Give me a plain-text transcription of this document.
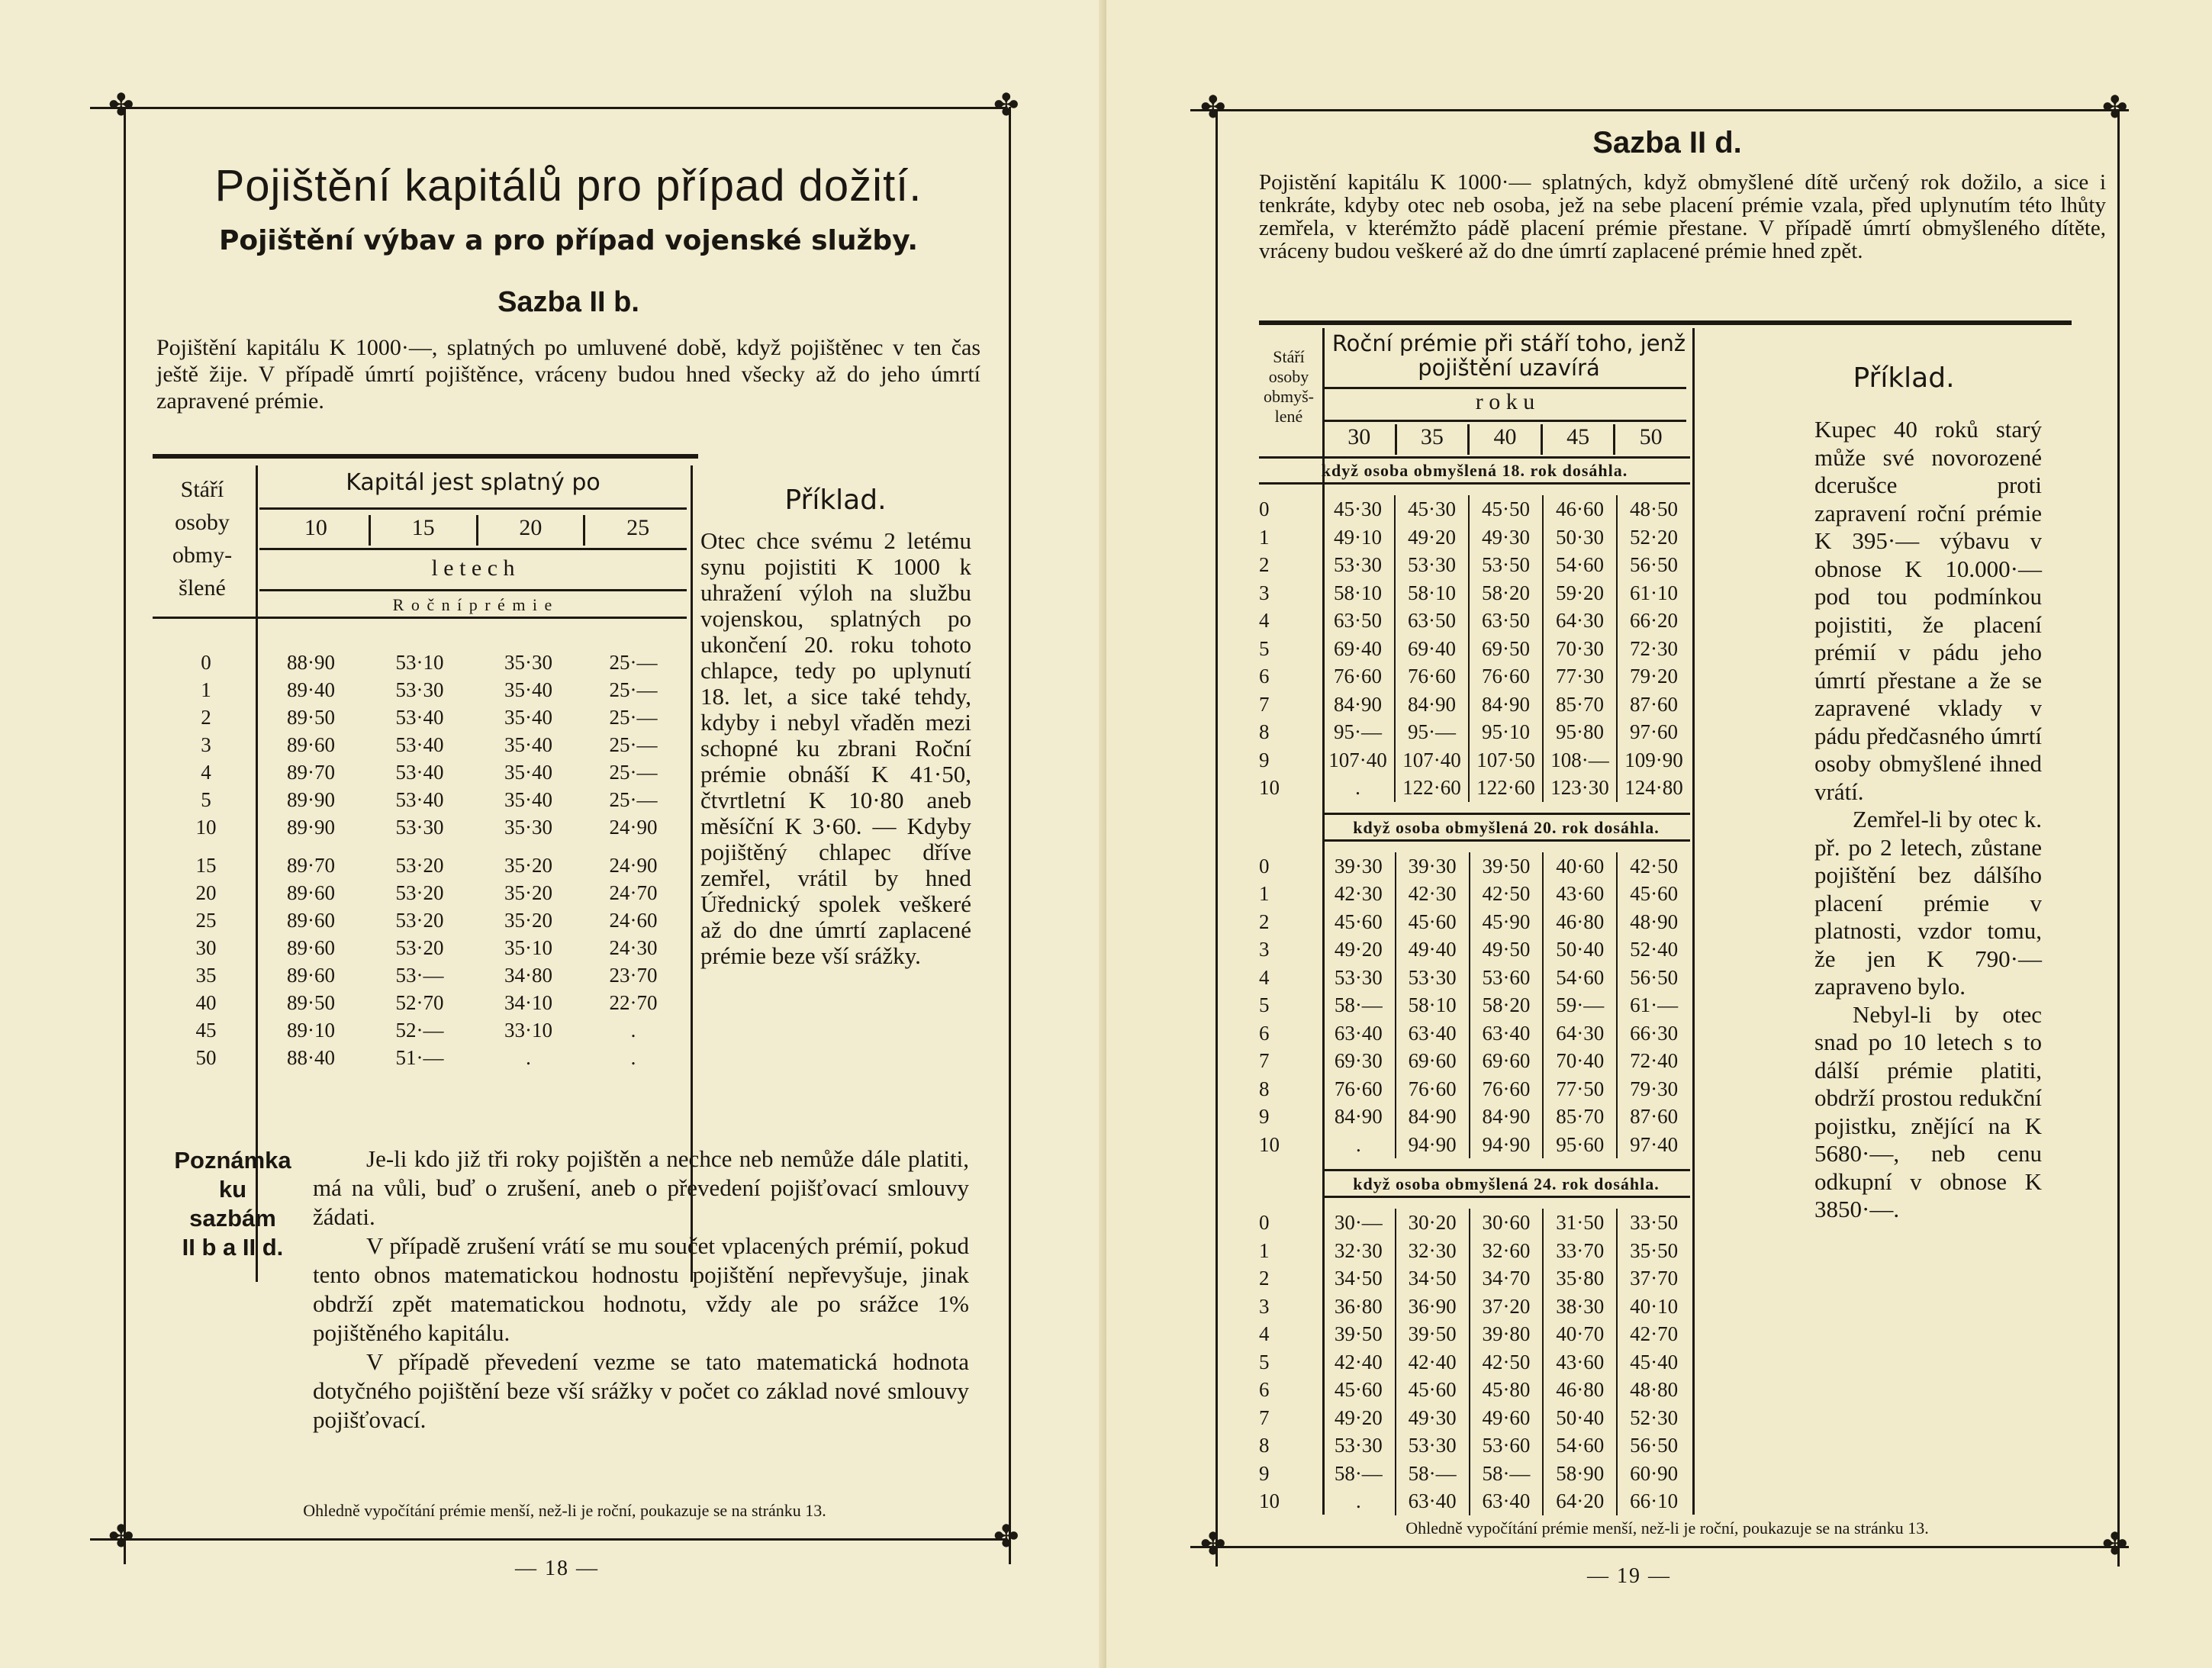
✤	✤
✤	✤
Pojištění kapitálů pro případ dožití.
Pojištění výbav a pro případ vojenské služby.
Sazba II b.
Pojištění kapitálu K 1000·—, splatných po umluvené době, když pojištěnec v ten čas ještě žije. V případě úmrtí pojištěnce, vráceny budou hned všecky až do jeho úmrtí zapravené prémie.
Stáří osoby obmyšlené
Kapitál jest splatný po
10	15	20	25
l e t e c h
R o č n í p r é m i e
0	88·90	53·10	35·30	25·—
1	89·40	53·30	35·40	25·—
2	89·50	53·40	35·40	25·—
3	89·60	53·40	35·40	25·—
4	89·70	53·40	35·40	25·—
5	89·90	53·40	35·40	25·—
10	89·90	53·30	35·30	24·90
15	89·70	53·20	35·20	24·90
20	89·60	53·20	35·20	24·70
25	89·60	53·20	35·20	24·60
30	89·60	53·20	35·10	24·30
35	89·60	53·—	34·80	23·70
40	89·50	52·70	34·10	22·70
45	89·10	52·—	33·10	.
50	88·40	51·—	.	.
Příklad.
Otec chce svému 2 letému synu pojistiti K 1000 k uhražení výloh na službu vojenskou, splatných po ukončení 20. roku tohoto chlapce, tedy po uplynutí 18. let, a sice také tehdy, kdyby i nebyl vřaděn mezi schopné ku zbrani Roční prémie obnáší K 41·50, čtvrtletní K 10·80 aneb měsíční K 3·60. — Kdyby pojištěný chlapec dříve zemřel, vrátil by hned Úřednický spolek veškeré až do dne úmrtí zaplacené prémie beze vší srážky.
Poznámka
ku
sazbám
II b a II d.
Je-li kdo již tři roky pojištěn a nechce neb nemůže dále platiti, má na vůli, buď o zrušení, aneb o převedení pojišťovací smlouvy žádati.
V případě zrušení vrátí se mu součet vplacených prémií, pokud tento obnos matematickou hodnostu pojištění nepřevyšuje, jinak obdrží zpět matematickou hodnotu, vždy ale po srážce 1% pojištěného kapitálu.
V případě převedení vezme se tato matematická hodnota dotyčného pojištění beze vší srážky v počet co základ nové smlouvy pojišťovací.
Ohledně vypočítání prémie menší, než-li je roční, poukazuje se na stránku 13.
— 18 —
✤	✤
✤	✤
Sazba II d.
Pojistění kapitálu K 1000·— splatných, když obmyšlené dítě určený rok dožilo, a sice i tenkráte, kdyby otec neb osoba, jež na sebe placení prémie vzala, před uplynutím této lhůty zemřela, v kterémžto pádě placení prémie přestane. V případě úmrtí obmyšleného dítěte, vráceny budou veškeré až do dne úmrtí zaplacené prémie hned zpět.
Stáří osoby obmyšlené
Roční prémie při stáří toho, jenž pojištění uzavírá
r o k u
30	35	40	45	50
když osoba obmyšlená 18. rok dosáhla.
0	45·30	45·30	45·50	46·60	48·50
1	49·10	49·20	49·30	50·30	52·20
2	53·30	53·30	53·50	54·60	56·50
3	58·10	58·10	58·20	59·20	61·10
4	63·50	63·50	63·50	64·30	66·20
5	69·40	69·40	69·50	70·30	72·30
6	76·60	76·60	76·60	77·30	79·20
7	84·90	84·90	84·90	85·70	87·60
8	95·—	95·—	95·10	95·80	97·60
9	107·40	107·40	107·50	108·—	109·90
10	.	122·60	122·60	123·30	124·80
když osoba obmyšlená 20. rok dosáhla.
0	39·30	39·30	39·50	40·60	42·50
1	42·30	42·30	42·50	43·60	45·60
2	45·60	45·60	45·90	46·80	48·90
3	49·20	49·40	49·50	50·40	52·40
4	53·30	53·30	53·60	54·60	56·50
5	58·—	58·10	58·20	59·—	61·—
6	63·40	63·40	63·40	64·30	66·30
7	69·30	69·60	69·60	70·40	72·40
8	76·60	76·60	76·60	77·50	79·30
9	84·90	84·90	84·90	85·70	87·60
10	.	94·90	94·90	95·60	97·40
když osoba obmyšlená 24. rok dosáhla.
0	30·—	30·20	30·60	31·50	33·50
1	32·30	32·30	32·60	33·70	35·50
2	34·50	34·50	34·70	35·80	37·70
3	36·80	36·90	37·20	38·30	40·10
4	39·50	39·50	39·80	40·70	42·70
5	42·40	42·40	42·50	43·60	45·40
6	45·60	45·60	45·80	46·80	48·80
7	49·20	49·30	49·60	50·40	52·30
8	53·30	53·30	53·60	54·60	56·50
9	58·—	58·—	58·—	58·90	60·90
10	.	63·40	63·40	64·20	66·10
Příklad.
Kupec 40 roků starý může své novorozené dcerušce proti zapravení roční prémie K 395·— výbavu v obnose K 10.000·— pod tou podmínkou pojistiti, že placení prémií v pádu jeho úmrtí přestane a že se zapravené vklady v pádu předčasného úmrtí osoby obmyšlené ihned vrátí.
Zemřel-li by otec k. př. po 2 letech, zůstane pojištění bez dálšího placení prémie v platnosti, vzdor tomu, že jen K 790·— zapraveno bylo.
Nebyl-li by otec snad po 10 letech s to dálší prémie platiti, obdrží prostou redukční pojistku, znějící na K 5680·—, neb cenu odkupní v obnose K 3850·—.
Ohledně vypočítání prémie menší, než-li je roční, poukazuje se na stránku 13.
— 19 —
